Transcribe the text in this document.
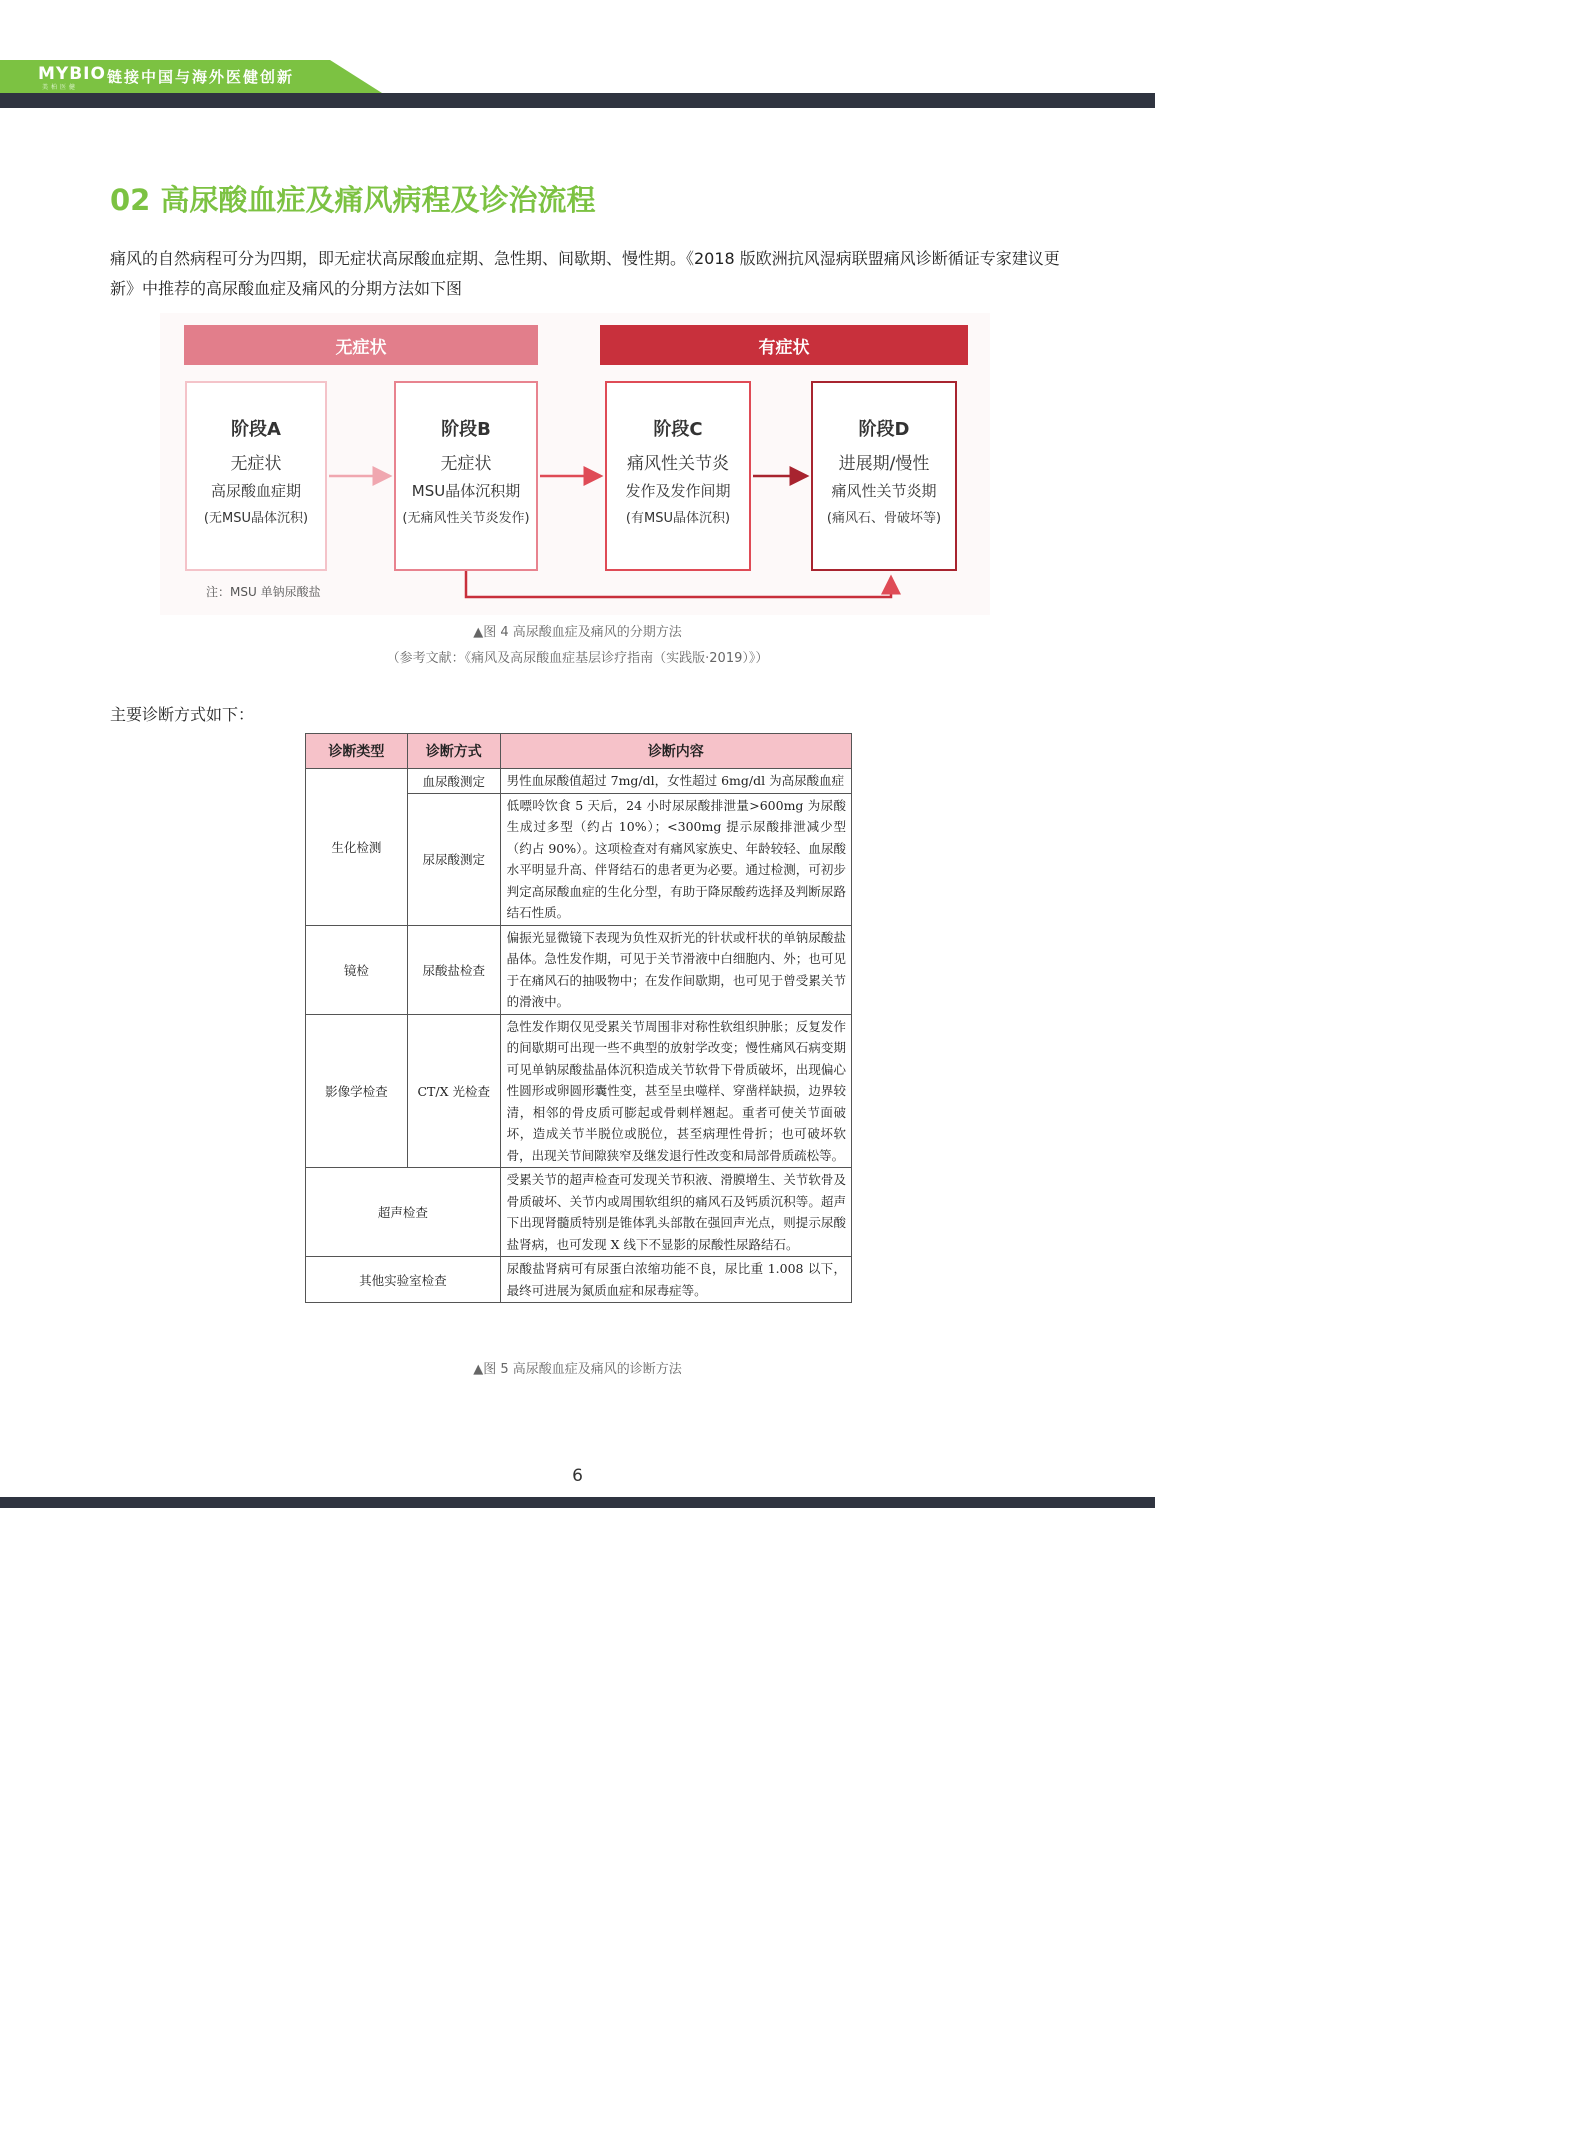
MYBIO
美柏医健
链接中国与海外医健创新
02 高尿酸血症及痛风病程及诊治流程

痛风的自然病程可分为四期，即无症状高尿酸血症期、急性期、间歇期、慢性期。《2018 版欧洲抗风湿病联盟痛风诊断循证专家建议更新》中推荐的高尿酸血症及痛风的分期方法如下图

无症状	有症状
阶段A
无症状
高尿酸血症期
(无MSU晶体沉积)
阶段B
无症状
MSU晶体沉积期
(无痛风性关节炎发作)
阶段C
痛风性关节炎
发作及发作间期
(有MSU晶体沉积)
阶段D
进展期/慢性
痛风性关节炎期
(痛风石、骨破坏等)
注：MSU 单钠尿酸盐
▲图 4 高尿酸血症及痛风的分期方法
（参考文献：《痛风及高尿酸血症基层诊疗指南（实践版·2019）》）

主要诊断方式如下：

诊断类型	诊断方式	诊断内容
生化检测	血尿酸测定	男性血尿酸值超过 7mg/dl，女性超过 6mg/dl 为高尿酸血症
	尿尿酸测定	低嘌呤饮食 5 天后，24 小时尿尿酸排泄量>600mg 为尿酸生成过多型（约占 10%）；<300mg 提示尿酸排泄减少型（约占 90%）。这项检查对有痛风家族史、年龄较轻、血尿酸水平明显升高、伴肾结石的患者更为必要。通过检测，可初步判定高尿酸血症的生化分型，有助于降尿酸药选择及判断尿路结石性质。
镜检	尿酸盐检查	偏振光显微镜下表现为负性双折光的针状或杆状的单钠尿酸盐晶体。急性发作期，可见于关节滑液中白细胞内、外；也可见于在痛风石的抽吸物中；在发作间歇期，也可见于曾受累关节的滑液中。
影像学检查	CT/X 光检查	急性发作期仅见受累关节周围非对称性软组织肿胀；反复发作的间歇期可出现一些不典型的放射学改变；慢性痛风石病变期可见单钠尿酸盐晶体沉积造成关节软骨下骨质破坏，出现偏心性圆形或卵圆形囊性变，甚至呈虫噬样、穿凿样缺损，边界较清，相邻的骨皮质可膨起或骨刺样翘起。重者可使关节面破坏，造成关节半脱位或脱位，甚至病理性骨折；也可破坏软骨，出现关节间隙狭窄及继发退行性改变和局部骨质疏松等。
超声检查		受累关节的超声检查可发现关节积液、滑膜增生、关节软骨及骨质破坏、关节内或周围软组织的痛风石及钙质沉积等。超声下出现肾髓质特别是锥体乳头部散在强回声光点，则提示尿酸盐肾病，也可发现 X 线下不显影的尿酸性尿路结石。
其他实验室检查		尿酸盐肾病可有尿蛋白浓缩功能不良，尿比重 1.008 以下，最终可进展为氮质血症和尿毒症等。
▲图 5 高尿酸血症及痛风的诊断方法
6
